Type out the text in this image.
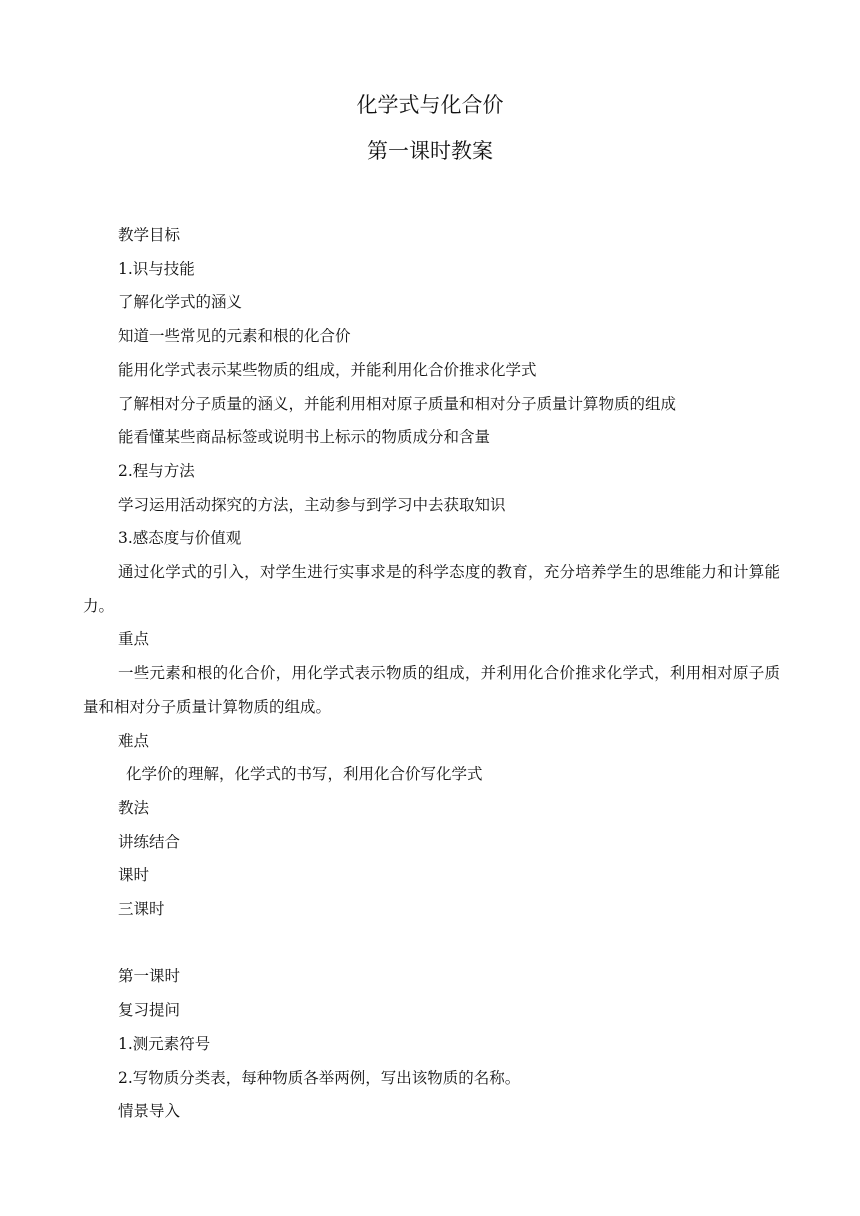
化学式与化合价
第一课时教案

教学目标

1.识与技能

了解化学式的涵义

知道一些常见的元素和根的化合价

能用化学式表示某些物质的组成，并能利用化合价推求化学式

了解相对分子质量的涵义，并能利用相对原子质量和相对分子质量计算物质的组成

能看懂某些商品标签或说明书上标示的物质成分和含量

2.程与方法

学习运用活动探究的方法，主动参与到学习中去获取知识

3.感态度与价值观

通过化学式的引入，对学生进行实事求是的科学态度的教育，充分培养学生的思维能力和计算能力。

重点

一些元素和根的化合价，用化学式表示物质的组成，并利用化合价推求化学式，利用相对原子质量和相对分子质量计算物质的组成。

难点

化学价的理解，化学式的书写，利用化合价写化学式

教法

讲练结合

课时

三课时

第一课时

复习提问

1.测元素符号

2.写物质分类表，每种物质各举两例，写出该物质的名称。

情景导入
